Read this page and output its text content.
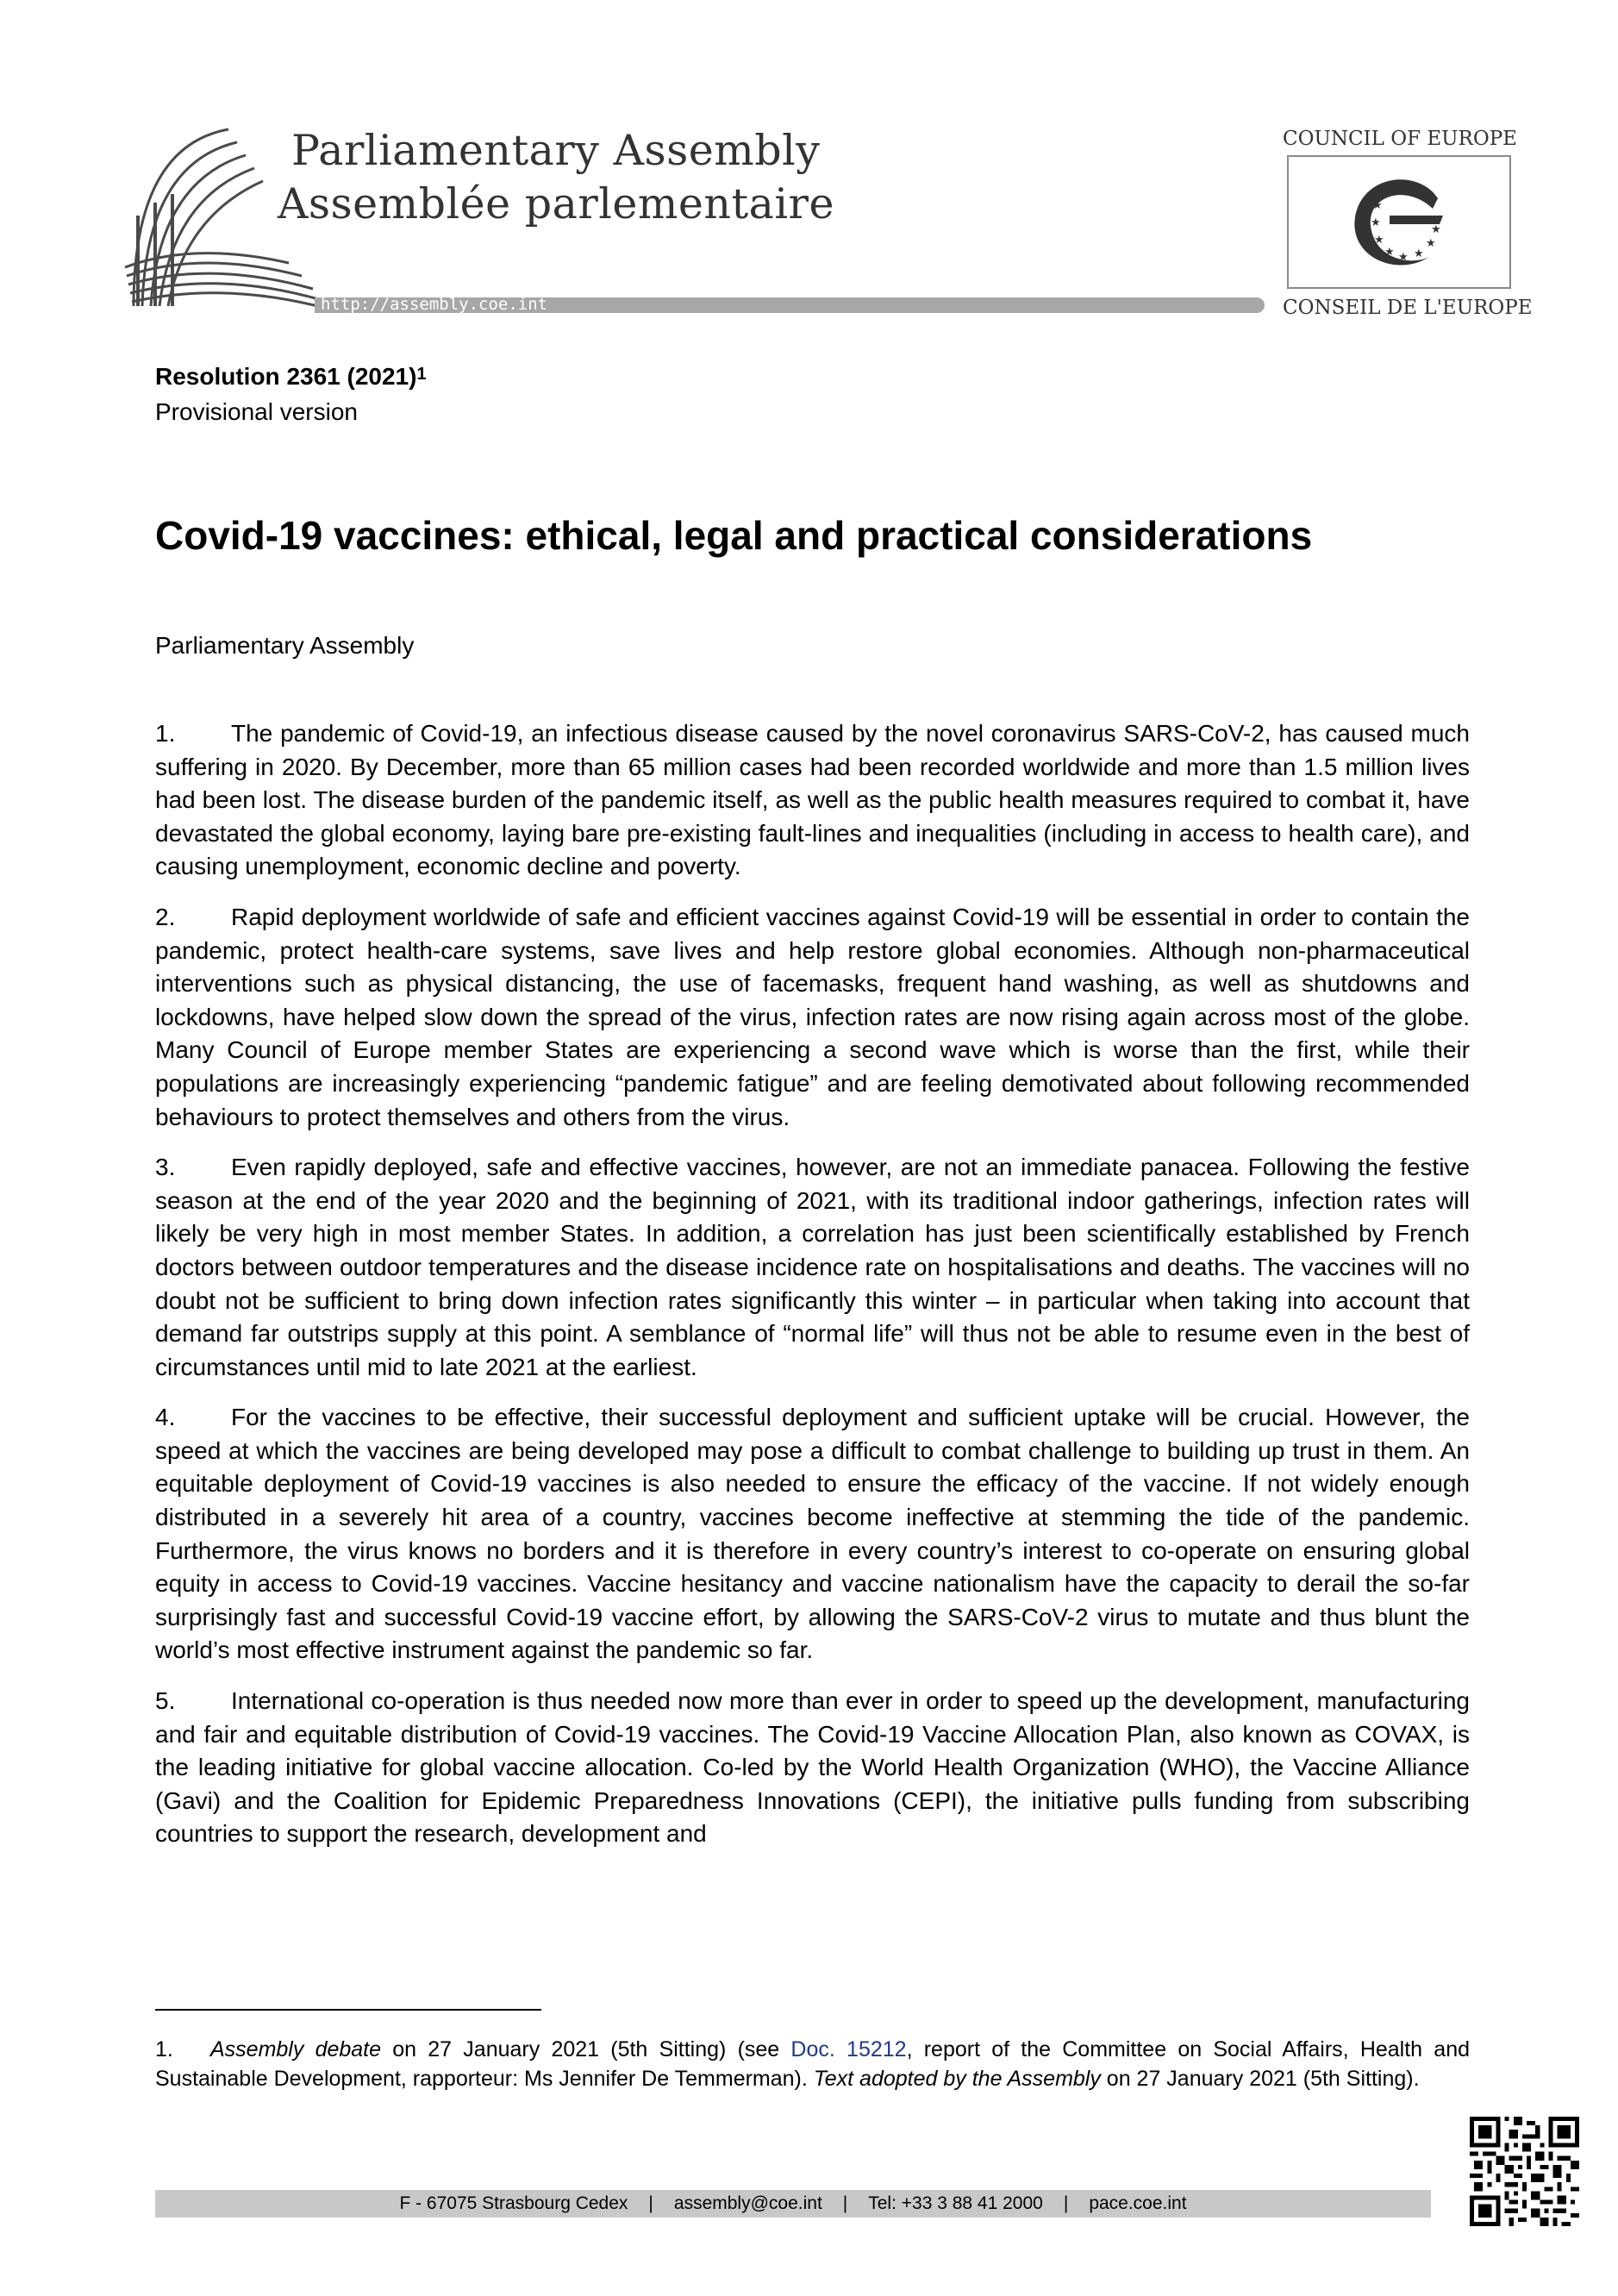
Parliamentary Assembly
Assemblée parlementaire
http://assembly.coe.int
COUNCIL OF EUROPE
★ ★
★
★
★
★
★
★ ★ ★
★
★
CONSEIL DE L'EUROPE
Resolution 2361 $(2021)^1$
Provisional version
Covid-19 vaccines: ethical, legal and practical considerations
Parliamentary Assembly

1. The pandemic of Covid-19, an infectious disease caused by the novel coronavirus SARS-CoV-2, has caused much suffering in 2020. By December, more than 65 million cases had been recorded worldwide and more than 1.5 million lives had been lost. The disease burden of the pandemic itself, as well as the public health measures required to combat it, have devastated the global economy, laying bare pre-existing fault-lines and inequalities (including in access to health care), and causing unemployment, economic decline and poverty.

2. Rapid deployment worldwide of safe and efficient vaccines against Covid-19 will be essential in order to contain the pandemic, protect health-care systems, save lives and help restore global economies. Although non-pharmaceutical interventions such as physical distancing, the use of facemasks, frequent hand washing, as well as shutdowns and lockdowns, have helped slow down the spread of the virus, infection rates are now rising again across most of the globe. Many Council of Europe member States are experiencing a second wave which is worse than the first, while their populations are increasingly experiencing “pandemic fatigue” and are feeling demotivated about following recommended behaviours to protect themselves and others from the virus.

3. Even rapidly deployed, safe and effective vaccines, however, are not an immediate panacea. Following the festive season at the end of the year 2020 and the beginning of 2021, with its traditional indoor gatherings, infection rates will likely be very high in most member States. In addition, a correlation has just been scientifically established by French doctors between outdoor temperatures and the disease incidence rate on hospitalisations and deaths. The vaccines will no doubt not be sufficient to bring down infection rates significantly this winter – in particular when taking into account that demand far outstrips supply at this point. A semblance of “normal life” will thus not be able to resume even in the best of circumstances until mid to late 2021 at the earliest.

4. For the vaccines to be effective, their successful deployment and sufficient uptake will be crucial. However, the speed at which the vaccines are being developed may pose a difficult to combat challenge to building up trust in them. An equitable deployment of Covid-19 vaccines is also needed to ensure the efficacy of the vaccine. If not widely enough distributed in a severely hit area of a country, vaccines become ineffective at stemming the tide of the pandemic. Furthermore, the virus knows no borders and it is therefore in every country’s interest to co-operate on ensuring global equity in access to Covid-19 vaccines. Vaccine hesitancy and vaccine nationalism have the capacity to derail the so-far surprisingly fast and successful Covid-19 vaccine effort, by allowing the SARS-CoV-2 virus to mutate and thus blunt the world’s most effective instrument against the pandemic so far.

5. International co-operation is thus needed now more than ever in order to speed up the development, manufacturing and fair and equitable distribution of Covid-19 vaccines. The Covid-19 Vaccine Allocation Plan, also known as COVAX, is the leading initiative for global vaccine allocation. Co-led by the World Health Organization (WHO), the Vaccine Alliance (Gavi) and the Coalition for Epidemic Preparedness Innovations (CEPI), the initiative pulls funding from subscribing countries to support the research, development and

1. Assembly debate on 27 January 2021 (5th Sitting) (see Doc. 15212, report of the Committee on Social Affairs, Health and Sustainable Development, rapporteur: Ms Jennifer De Temmerman). Text adopted by the Assembly on 27 January 2021 (5th Sitting).
F - 67075 Strasbourg Cedex | assembly@coe.int | Tel: +33 3 88 41 2000 | pace.coe.int
